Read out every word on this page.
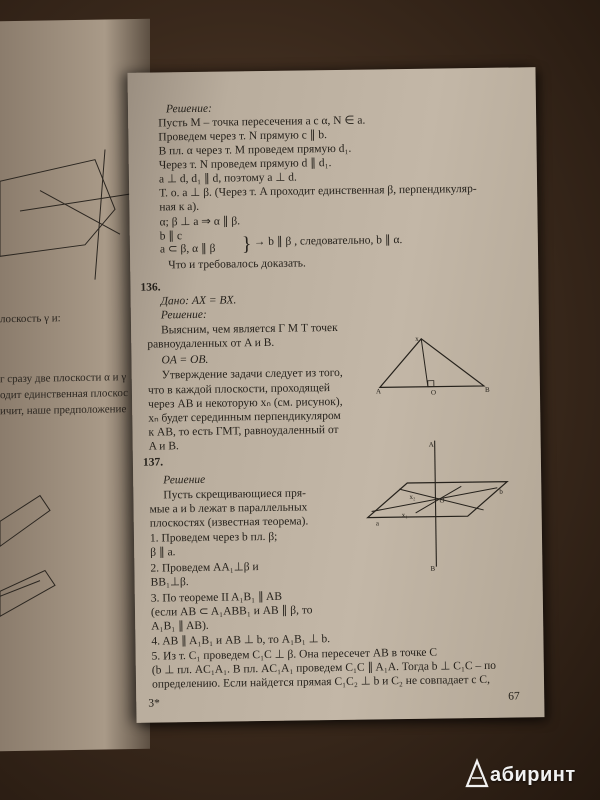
лоскость γ и:
г сразу две плоскости α и γ
одит единственная плоскос
ичит, наше предположение
Решение:
Пусть M – точка пересечения a с α, N ∈ a.
Проведем через т. N прямую c ∥ b.
В пл. α через т. M проведем прямую d₁.
Через т. N проведем прямую d ∥ d₁.
a ⊥ d, d₁ ∥ d, поэтому a ⊥ d.
Т. о. a ⊥ β. (Через т. A проходит единственная β, перпендикуляр-
ная к a).
α; β ⊥ a ⇒ α ∥ β.
b ∥ c
a ⊂ β, α ∥ β } → b ∥ β , следовательно, b ∥ α.
Что и требовалось доказать.
136.
Дано: AX = BX.
Решение:
Выясним, чем является Г М Т точек
равноудаленных от A и B.
OA = OB.
Утверждение задачи следует из того,
что в каждой плоскости, проходящей
через AB и некоторую xₙ (см. рисунок),
xₙ будет серединным перпендикуляром
к AB, то есть ГМТ, равноудаленный от
A и B.
x
A	B
O
137.
Решение
Пусть скрещивающиеся пря-
мые a и b лежат в параллельных
плоскостях (известная теорема).
1. Проведем через b пл. β;
β ∥ a.
2. Проведем AA₁⊥β и
BB₁⊥β.
3. По теореме II A₁B₁ ∥ AB
(если AB ⊂ A₁ABB₁ и AB ∥ β, то
A₁B₁ ∥ AB).
4. AB ∥ A₁B₁ и AB ⊥ b, то A₁B₁ ⊥ b.
5. Из т. C₁ проведем C₁C ⊥ β. Она пересечет AB в точке C
(b ⊥ пл. AC₁A₁. В пл. AC₁A₁ проведем C₁C ∥ A₁A. Тогда b ⊥ C₁C – по
определению. Если найдется прямая C₁C₂ ⊥ b и C₂ не совпадает с C,
A
B
O
a
b
x₁
x₂
3*
67
абиринт
